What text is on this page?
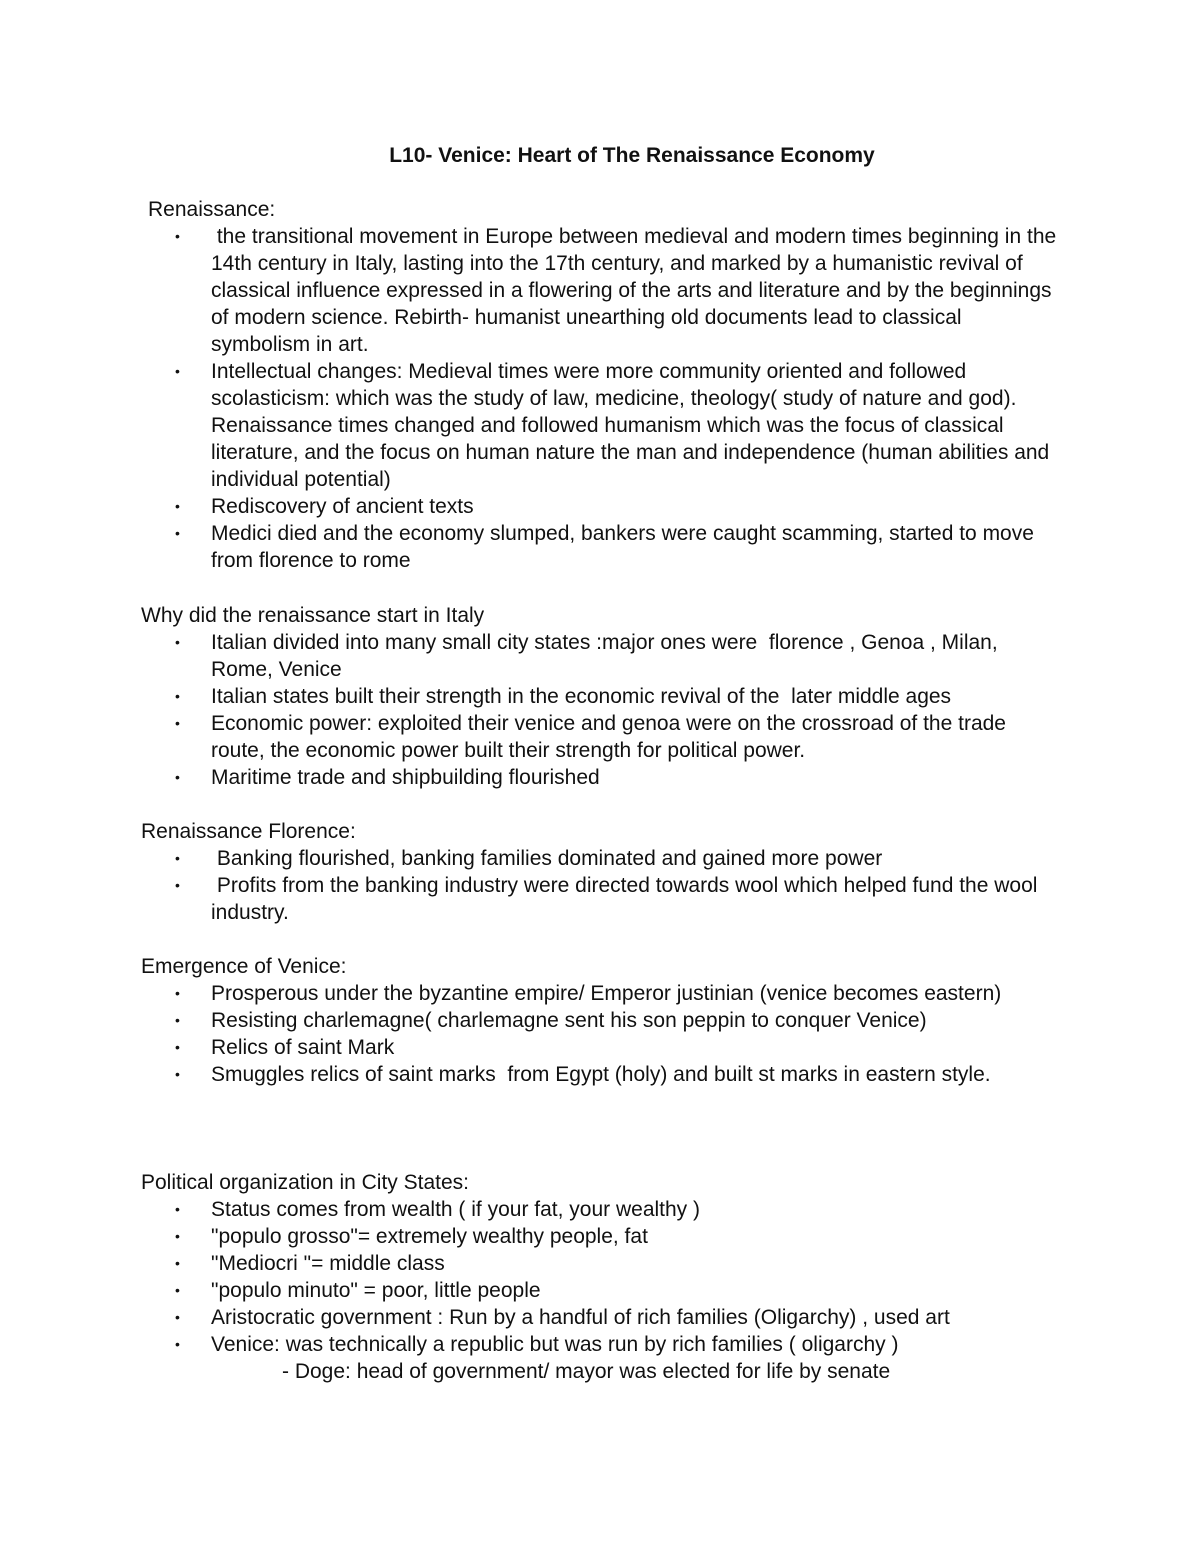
L10- Venice: Heart of The Renaissance Economy

Renaissance:

• the transitional movement in Europe between medieval and modern times beginning in the 14th century in Italy, lasting into the 17th century, and marked by a humanistic revival of classical influence expressed in a flowering of the arts and literature and by the beginnings of modern science. Rebirth- humanist unearthing old documents lead to classical symbolism in art.
• Intellectual changes: Medieval times were more community oriented and followed scolasticism: which was the study of law, medicine, theology( study of nature and god). Renaissance times changed and followed humanism which was the focus of classical literature, and the focus on human nature the man and independence (human abilities and individual potential)
• Rediscovery of ancient texts
• Medici died and the economy slumped, bankers were caught scamming, started to move from florence to rome

Why did the renaissance start in Italy

• Italian divided into many small city states :major ones were  florence , Genoa , Milan, Rome, Venice
• Italian states built their strength in the economic revival of the  later middle ages
• Economic power: exploited their venice and genoa were on the crossroad of the trade route, the economic power built their strength for political power.
• Maritime trade and shipbuilding flourished

Renaissance Florence:

• Banking flourished, banking families dominated and gained more power
• Profits from the banking industry were directed towards wool which helped fund the wool industry.

Emergence of Venice:

• Prosperous under the byzantine empire/ Emperor justinian (venice becomes eastern)
• Resisting charlemagne( charlemagne sent his son peppin to conquer Venice)
• Relics of saint Mark
• Smuggles relics of saint marks  from Egypt (holy) and built st marks in eastern style.

Political organization in City States:

• Status comes from wealth ( if your fat, your wealthy )
• "populo grosso"= extremely wealthy people, fat
• "Mediocri "= middle class
• "populo minuto" = poor, little people
• Aristocratic government : Run by a handful of rich families (Oligarchy) , used art
• Venice: was technically a republic but was run by rich families ( oligarchy )

- Doge: head of government/ mayor was elected for life by senate
